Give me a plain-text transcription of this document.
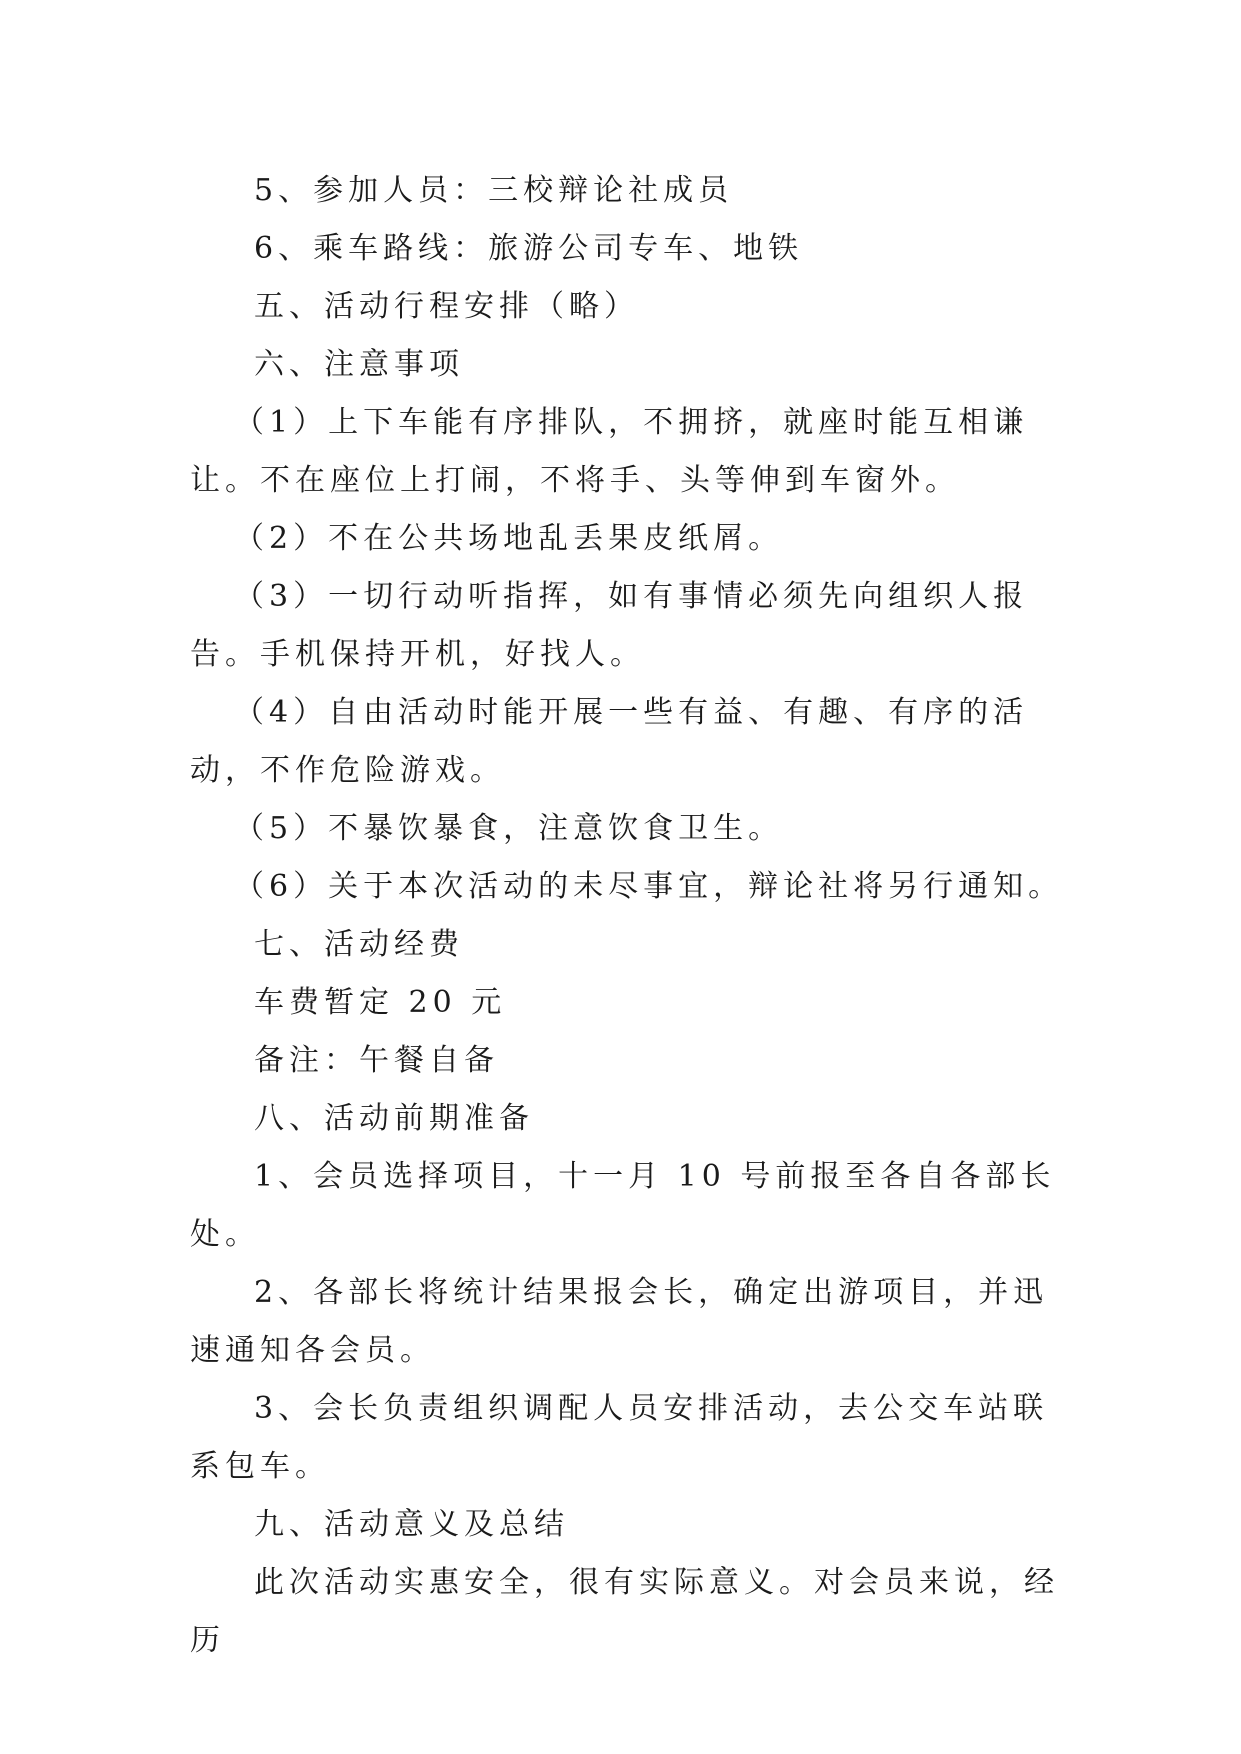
5、参加人员：三校辩论社成员

6、乘车路线：旅游公司专车、地铁

五、活动行程安排（略）

六、注意事项

（1）上下车能有序排队，不拥挤，就座时能互相谦让。不在座位上打闹，不将手、头等伸到车窗外。

（2）不在公共场地乱丢果皮纸屑。

（3）一切行动听指挥，如有事情必须先向组织人报告。手机保持开机，好找人。

（4）自由活动时能开展一些有益、有趣、有序的活动，不作危险游戏。

（5）不暴饮暴食，注意饮食卫生。

（6）关于本次活动的未尽事宜，辩论社将另行通知。

七、活动经费

车费暂定 20 元

备注：午餐自备

八、活动前期准备

1、会员选择项目，十一月 10 号前报至各自各部长处。

2、各部长将统计结果报会长，确定出游项目，并迅速通知各会员。

3、会长负责组织调配人员安排活动，去公交车站联系包车。

九、活动意义及总结

此次活动实惠安全，很有实际意义。对会员来说，经历
